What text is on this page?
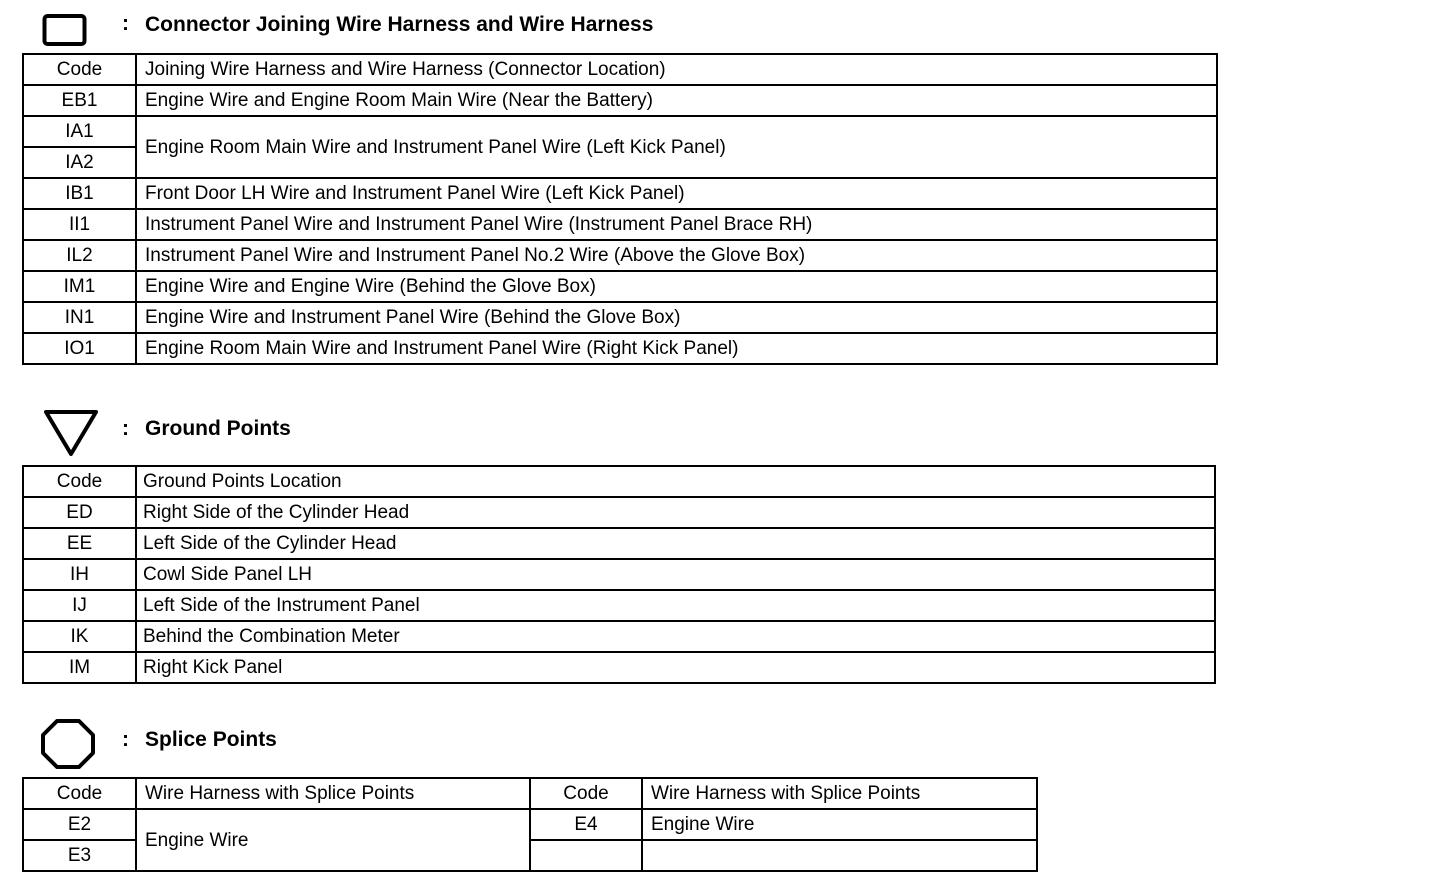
: Connector Joining Wire Harness and Wire Harness
Code	Joining Wire Harness and Wire Harness (Connector Location)
EB1	Engine Wire and Engine Room Main Wire (Near the Battery)
IA1	Engine Room Main Wire and Instrument Panel Wire (Left Kick Panel)
IA2	
IB1	Front Door LH Wire and Instrument Panel Wire (Left Kick Panel)
II1	Instrument Panel Wire and Instrument Panel Wire (Instrument Panel Brace RH)
IL2	Instrument Panel Wire and Instrument Panel No.2 Wire (Above the Glove Box)
IM1	Engine Wire and Engine Wire (Behind the Glove Box)
IN1	Engine Wire and Instrument Panel Wire (Behind the Glove Box)
IO1	Engine Room Main Wire and Instrument Panel Wire (Right Kick Panel)
: Ground Points
Code	Ground Points Location
ED	Right Side of the Cylinder Head
EE	Left Side of the Cylinder Head
IH	Cowl Side Panel LH
IJ	Left Side of the Instrument Panel
IK	Behind the Combination Meter
IM	Right Kick Panel
: Splice Points
Code	Wire Harness with Splice Points	Code	Wire Harness with Splice Points
E2	Engine Wire	E4	Engine Wire
E3			
